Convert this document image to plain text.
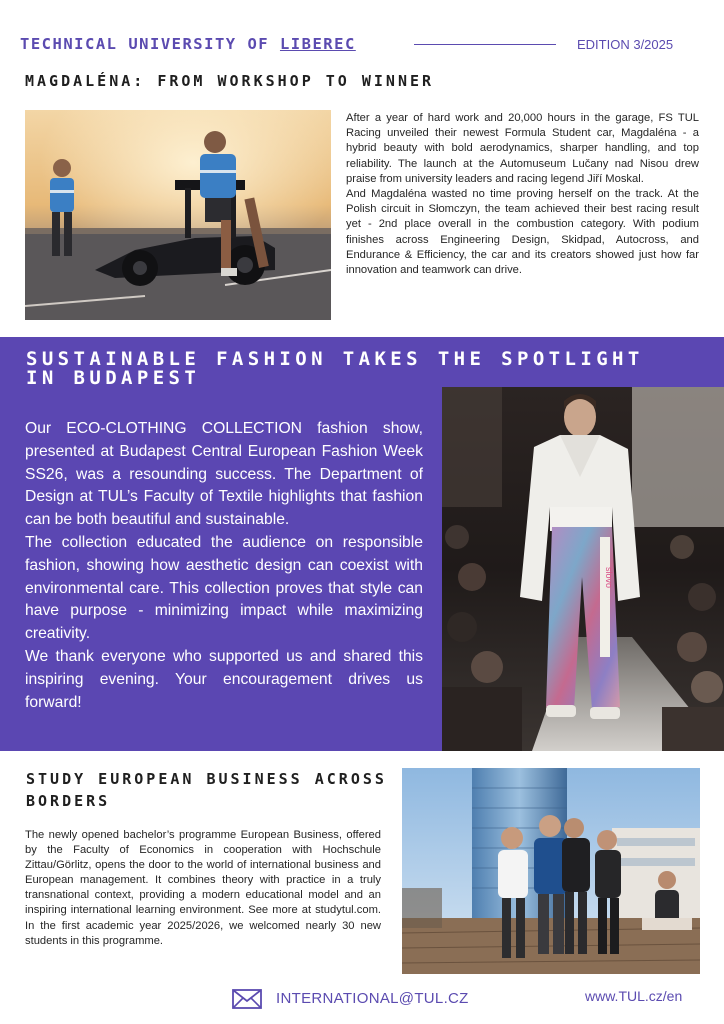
TECHNICAL UNIVERSITY OF LIBEREC	EDITION 3/2025
MAGDALÉNA: FROM WORKSHOP TO WINNER

After a year of hard work and 20,000 hours in the garage, FS TUL Racing unveiled their newest Formula Student car, Magdaléna - a hybrid beauty with bold aerodynamics, sharper handling, and top reliability. The launch at the Automuseum Lučany nad Nisou drew praise from university leaders and racing legend Jiří Moskal.

And Magdaléna wasted no time proving herself on the track. At the Polish circuit in Słomczyn, the team achieved their best racing result yet - 2nd place overall in the combustion category. With podium finishes across Engineering Design, Skidpad, Autocross, and Endurance & Efficiency, the car and its creators showed just how far innovation and teamwork can drive.

SUSTAINABLE FASHION TAKES THE SPOTLIGHT IN BUDAPEST

Our ECO-CLOTHING COLLECTION fashion show, presented at Budapest Central European Fashion Week SS26, was a resounding success. The Department of Design at TUL’s Faculty of Textile highlights that fashion can be both beautiful and sustainable.

The collection educated the audience on responsible fashion, showing how aesthetic design can coexist with environmental care. This collection proves that style can have purpose - minimizing impact while maximizing creativity.

We thank everyone who supported us and shared this inspiring evening. Your encouragement drives us forward!

slovo
STUDY EUROPEAN BUSINESS ACROSS BORDERS

The newly opened bachelor’s programme European Business, offered by the Faculty of Economics in cooperation with Hochschule Zittau/Görlitz, opens the door to the world of international business and European management. It combines theory with practice in a truly transnational context, providing a modern educational model and an inspiring international learning environment. See more at studytul.com. In the first academic year 2025/2026, we welcomed nearly 30 new students in this programme.

INTERNATIONAL@TUL.CZ	www.TUL.cz/en
